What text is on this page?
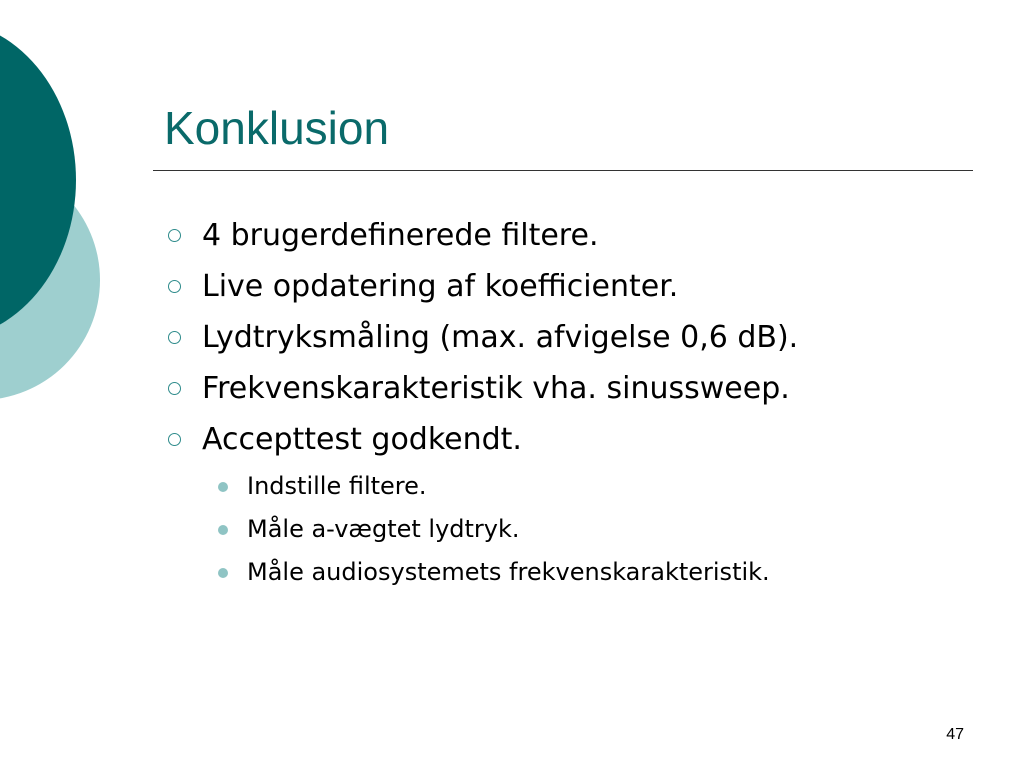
Konklusion
4 brugerdefinerede filtere.
Live opdatering af koefficienter.
Lydtryksmåling (max. afvigelse 0,6 dB).
Frekvenskarakteristik vha. sinussweep.
Accepttest godkendt.
Indstille filtere.
Måle a-vægtet lydtryk.
Måle audiosystemets frekvenskarakteristik.
47
